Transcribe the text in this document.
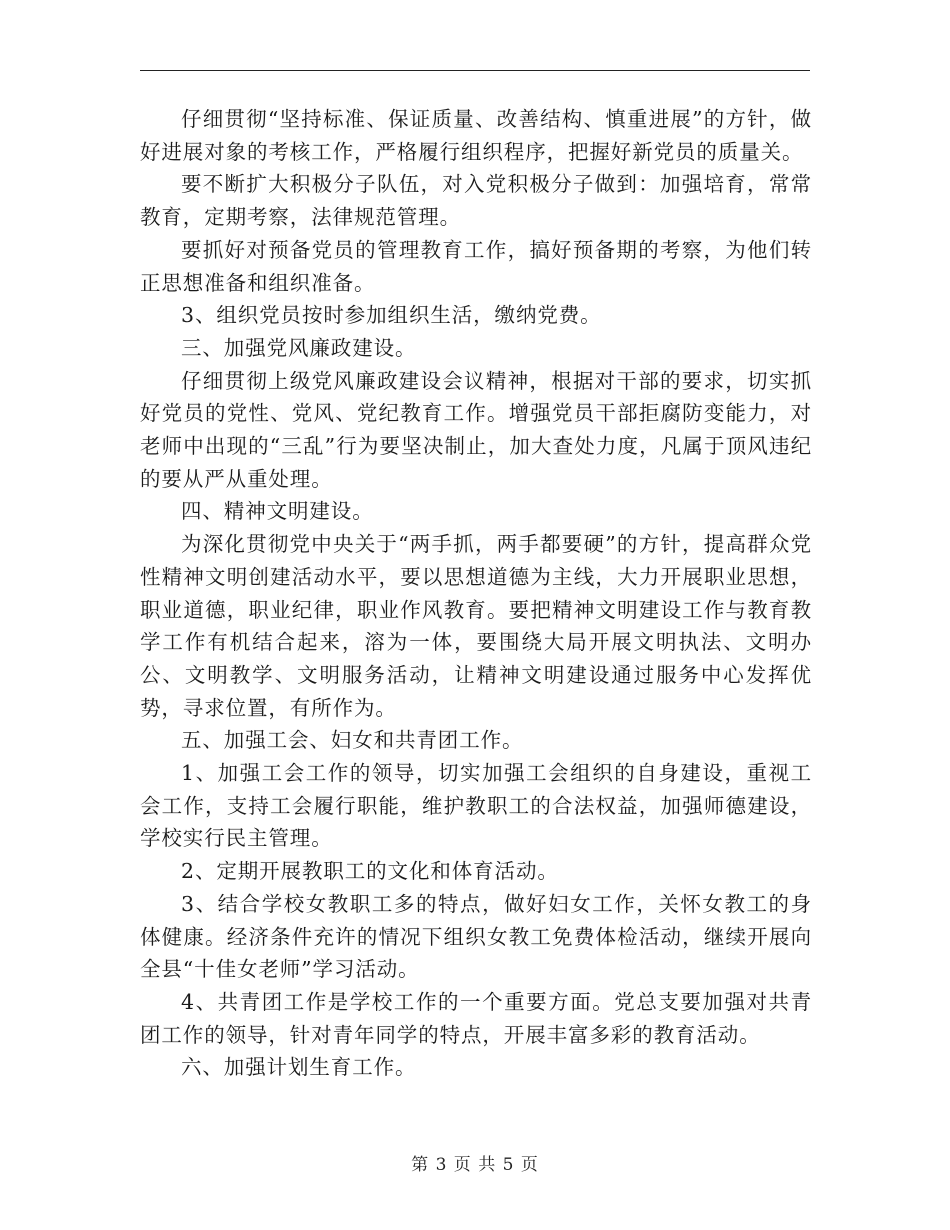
仔细贯彻“坚持标准、保证质量、改善结构、慎重进展”的方针，做好进展对象的考核工作，严格履行组织程序，把握好新党员的质量关。

要不断扩大积极分子队伍，对入党积极分子做到：加强培育，常常教育，定期考察，法律规范管理。

要抓好对预备党员的管理教育工作，搞好预备期的考察，为他们转正思想准备和组织准备。

3、组织党员按时参加组织生活，缴纳党费。

三、加强党风廉政建设。

仔细贯彻上级党风廉政建设会议精神，根据对干部的要求，切实抓好党员的党性、党风、党纪教育工作。增强党员干部拒腐防变能力，对老师中出现的“三乱”行为要坚决制止，加大查处力度，凡属于顶风违纪的要从严从重处理。

四、精神文明建设。

为深化贯彻党中央关于“两手抓，两手都要硬”的方针，提高群众党性精神文明创建活动水平，要以思想道德为主线，大力开展职业思想，职业道德，职业纪律，职业作风教育。要把精神文明建设工作与教育教学工作有机结合起来，溶为一体，要围绕大局开展文明执法、文明办公、文明教学、文明服务活动，让精神文明建设通过服务中心发挥优势，寻求位置，有所作为。

五、加强工会、妇女和共青团工作。

1、加强工会工作的领导，切实加强工会组织的自身建设，重视工会工作，支持工会履行职能，维护教职工的合法权益，加强师德建设，学校实行民主管理。

2、定期开展教职工的文化和体育活动。

3、结合学校女教职工多的特点，做好妇女工作，关怀女教工的身体健康。经济条件充许的情况下组织女教工免费体检活动，继续开展向全县“十佳女老师”学习活动。

4、共青团工作是学校工作的一个重要方面。党总支要加强对共青团工作的领导，针对青年同学的特点，开展丰富多彩的教育活动。

六、加强计划生育工作。

第 3 页 共 5 页
